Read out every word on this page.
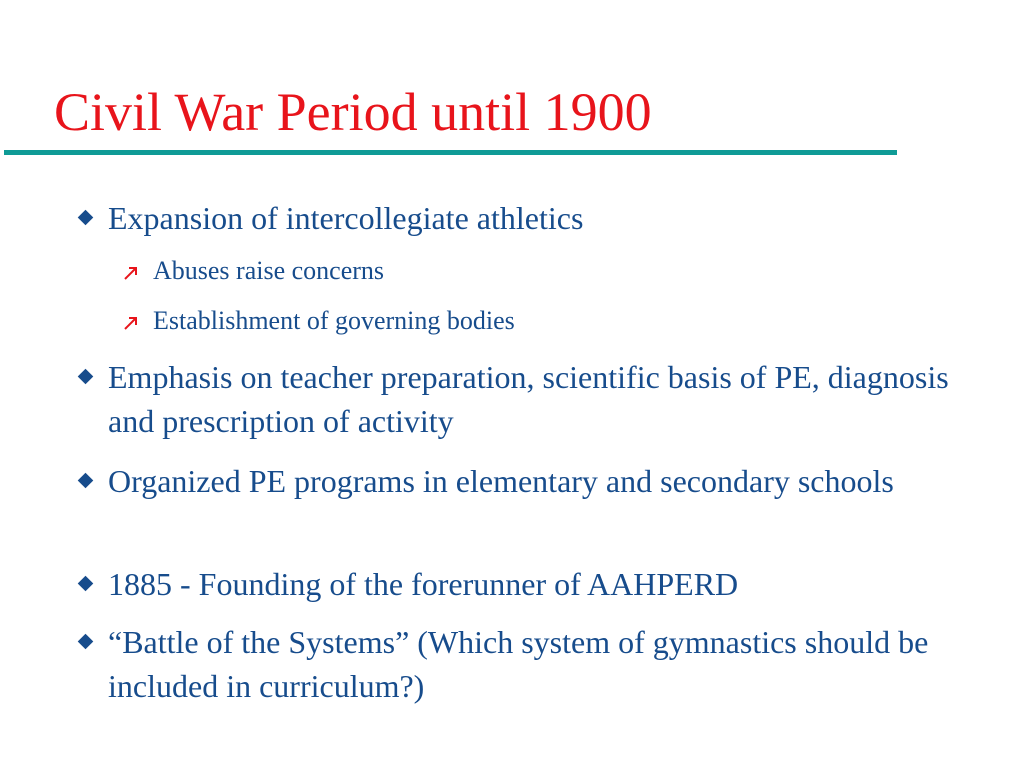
Civil War Period until 1900
Expansion of intercollegiate athletics
Abuses raise concerns
Establishment of governing bodies
Emphasis on teacher preparation, scientific basis of PE, diagnosis and prescription of activity
Organized PE programs in elementary and secondary schools
1885 - Founding of the forerunner of AAHPERD
“Battle of the Systems” (Which system of gymnastics should be included in curriculum?)
